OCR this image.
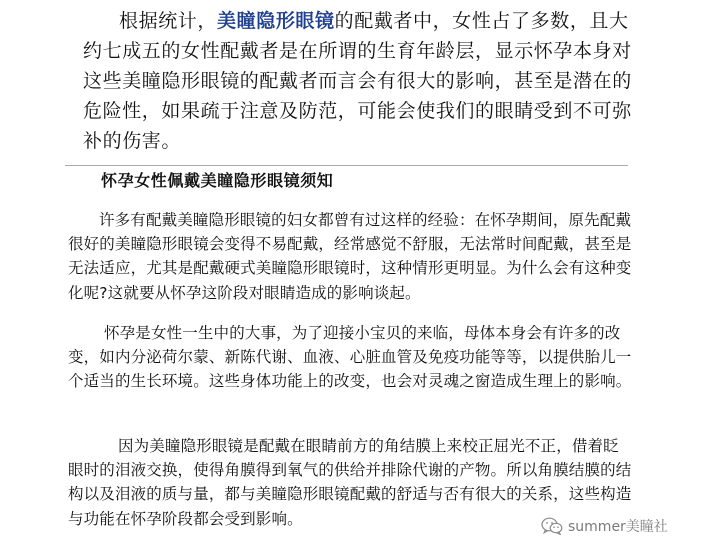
根据统计，美瞳隐形眼镜的配戴者中，女性占了多数，且大约七成五的女性配戴者是在所谓的生育年龄层，显示怀孕本身对这些美瞳隐形眼镜的配戴者而言会有很大的影响，甚至是潜在的危险性，如果疏于注意及防范，可能会使我们的眼睛受到不可弥补的伤害。

怀孕女性佩戴美瞳隐形眼镜须知

许多有配戴美瞳隐形眼镜的妇女都曾有过这样的经验：在怀孕期间，原先配戴很好的美瞳隐形眼镜会变得不易配戴，经常感觉不舒服，无法常时间配戴，甚至是无法适应，尤其是配戴硬式美瞳隐形眼镜时，这种情形更明显。为什么会有这种变化呢?这就要从怀孕这阶段对眼睛造成的影响谈起。

怀孕是女性一生中的大事，为了迎接小宝贝的来临，母体本身会有许多的改变，如内分泌荷尔蒙、新陈代谢、血液、心脏血管及免疫功能等等，以提供胎儿一个适当的生长环境。这些身体功能上的改变，也会对灵魂之窗造成生理上的影响。

因为美瞳隐形眼镜是配戴在眼睛前方的角结膜上来校正屈光不正，借着眨眼时的泪液交换，使得角膜得到氧气的供给并排除代谢的产物。所以角膜结膜的结构以及泪液的质与量，都与美瞳隐形眼镜配戴的舒适与否有很大的关系，这些构造与功能在怀孕阶段都会受到影响。	summer美瞳社
